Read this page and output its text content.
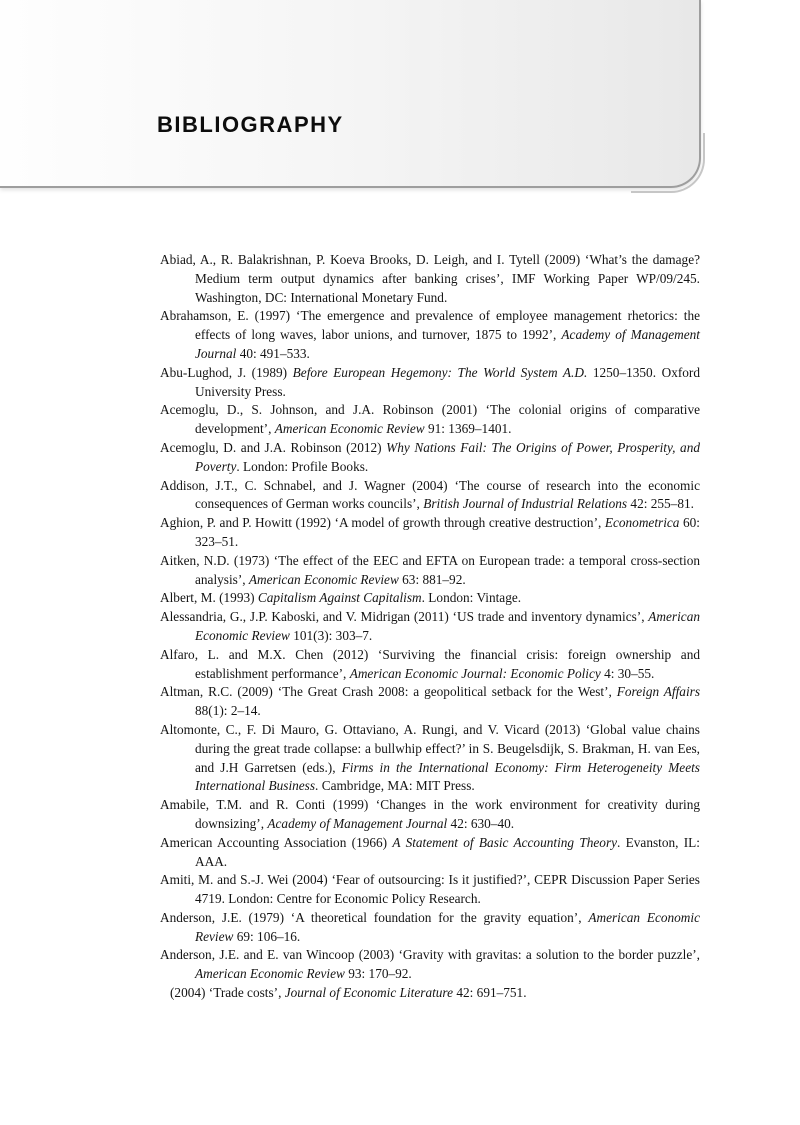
BIBLIOGRAPHY

Abiad, A., R. Balakrishnan, P. Koeva Brooks, D. Leigh, and I. Tytell (2009) ‘What’s the damage? Medium term output dynamics after banking crises’, IMF Working Paper WP/09/245. Washington, DC: International Monetary Fund.

Abrahamson, E. (1997) ‘The emergence and prevalence of employee management rhetorics: the effects of long waves, labor unions, and turnover, 1875 to 1992’, Academy of Management Journal 40: 491–533.

Abu-Lughod, J. (1989) Before European Hegemony: The World System A.D. 1250–1350. Oxford University Press.

Acemoglu, D., S. Johnson, and J.A. Robinson (2001) ‘The colonial origins of comparative development’, American Economic Review 91: 1369–1401.

Acemoglu, D. and J.A. Robinson (2012) Why Nations Fail: The Origins of Power, Prosperity, and Poverty. London: Profile Books.

Addison, J.T., C. Schnabel, and J. Wagner (2004) ‘The course of research into the economic consequences of German works councils’, British Journal of Industrial Relations 42: 255–81.

Aghion, P. and P. Howitt (1992) ‘A model of growth through creative destruction’, Econometrica 60: 323–51.

Aitken, N.D. (1973) ‘The effect of the EEC and EFTA on European trade: a temporal cross-section analysis’, American Economic Review 63: 881–92.

Albert, M. (1993) Capitalism Against Capitalism. London: Vintage.

Alessandria, G., J.P. Kaboski, and V. Midrigan (2011) ‘US trade and inventory dynamics’, American Economic Review 101(3): 303–7.

Alfaro, L. and M.X. Chen (2012) ‘Surviving the financial crisis: foreign ownership and establishment performance’, American Economic Journal: Economic Policy 4: 30–55.

Altman, R.C. (2009) ‘The Great Crash 2008: a geopolitical setback for the West’, Foreign Affairs 88(1): 2–14.

Altomonte, C., F. Di Mauro, G. Ottaviano, A. Rungi, and V. Vicard (2013) ‘Global value chains during the great trade collapse: a bullwhip effect?’ in S. Beugelsdijk, S. Brakman, H. van Ees, and J.H Garretsen (eds.), Firms in the International Economy: Firm Heterogeneity Meets International Business. Cambridge, MA: MIT Press.

Amabile, T.M. and R. Conti (1999) ‘Changes in the work environment for creativity during downsizing’, Academy of Management Journal 42: 630–40.

American Accounting Association (1966) A Statement of Basic Accounting Theory. Evanston, IL: AAA.

Amiti, M. and S.-J. Wei (2004) ‘Fear of outsourcing: Is it justified?’, CEPR Discussion Paper Series 4719. London: Centre for Economic Policy Research.

Anderson, J.E. (1979) ‘A theoretical foundation for the gravity equation’, American Economic Review 69: 106–16.

Anderson, J.E. and E. van Wincoop (2003) ‘Gravity with gravitas: a solution to the border puzzle’, American Economic Review 93: 170–92.

(2004) ‘Trade costs’, Journal of Economic Literature 42: 691–751.
